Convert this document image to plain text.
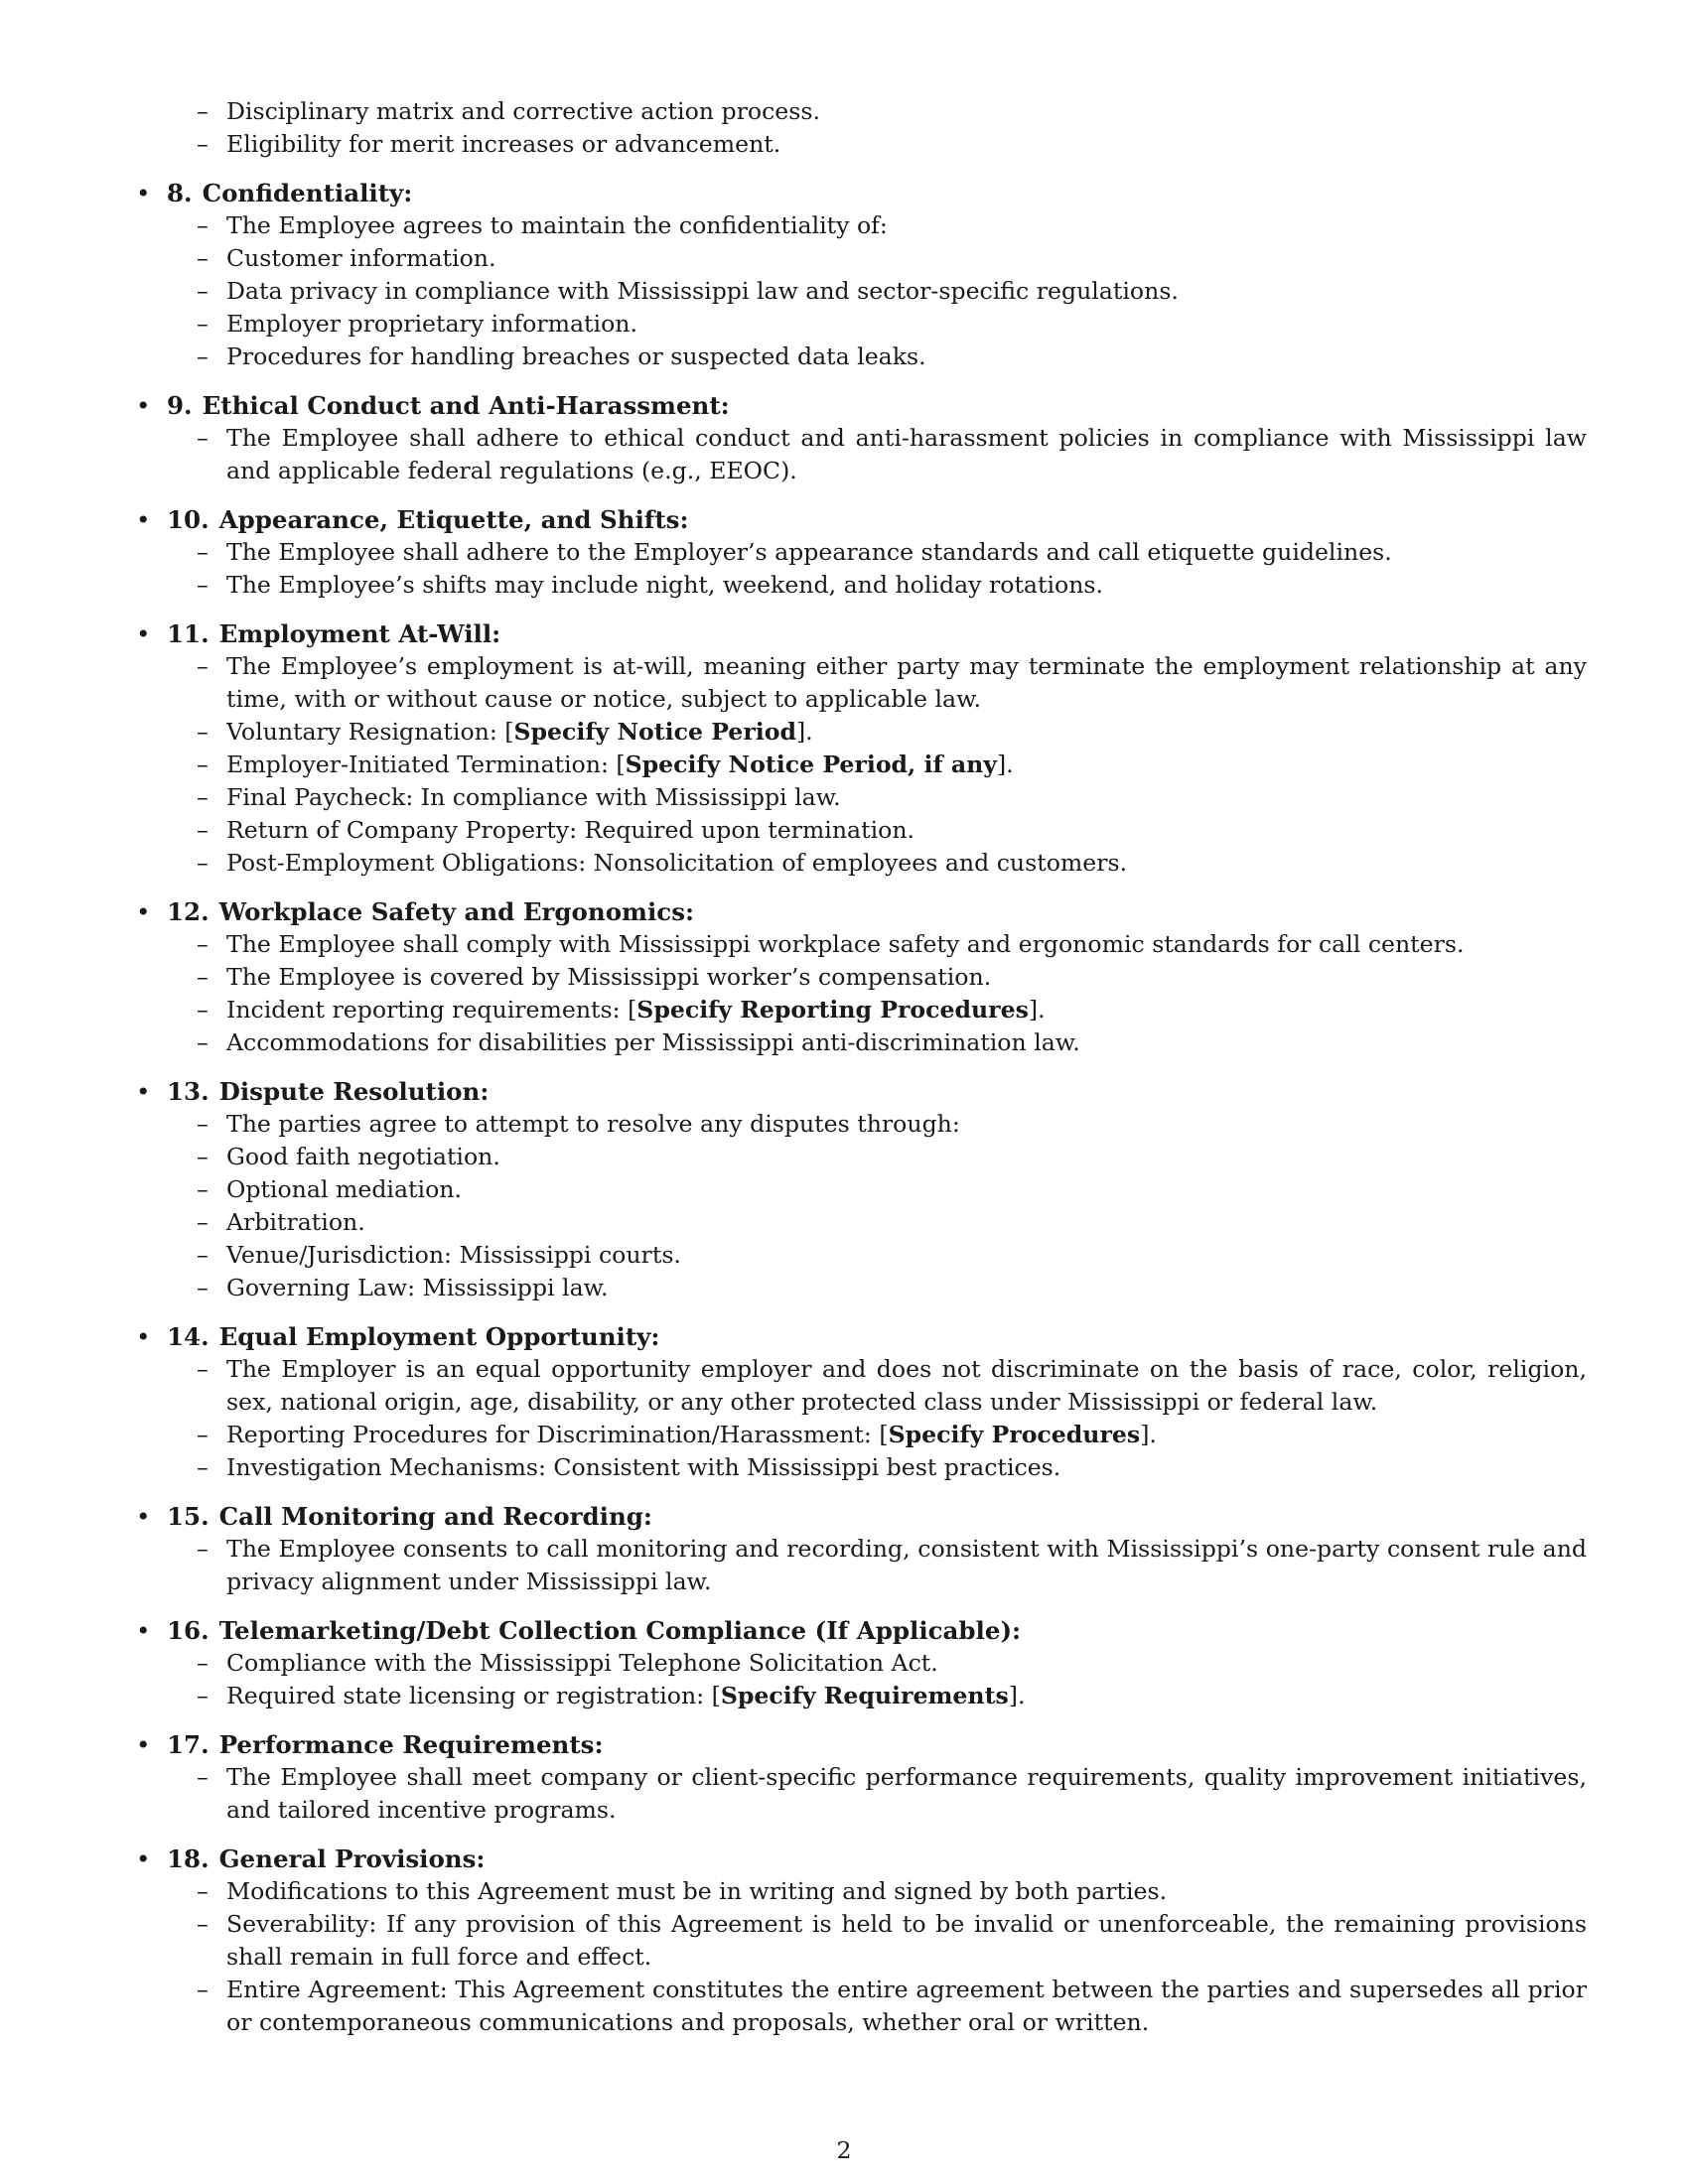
– Disciplinary matrix and corrective action process.
– Eligibility for merit increases or advancement.
• 8. Confidentiality:
– The Employee agrees to maintain the confidentiality of:
– Customer information.
– Data privacy in compliance with Mississippi law and sector-specific regulations.
– Employer proprietary information.
– Procedures for handling breaches or suspected data leaks.
• 9. Ethical Conduct and Anti-Harassment:
– The Employee shall adhere to ethical conduct and anti-harassment policies in compliance with Mississippi law and applicable federal regulations (e.g., EEOC).
• 10. Appearance, Etiquette, and Shifts:
– The Employee shall adhere to the Employer’s appearance standards and call etiquette guidelines.
– The Employee’s shifts may include night, weekend, and holiday rotations.
• 11. Employment At-Will:
– The Employee’s employment is at-will, meaning either party may terminate the employment relationship at any time, with or without cause or notice, subject to applicable law.
– Voluntary Resignation: [Specify Notice Period].
– Employer-Initiated Termination: [Specify Notice Period, if any].
– Final Paycheck: In compliance with Mississippi law.
– Return of Company Property: Required upon termination.
– Post-Employment Obligations: Nonsolicitation of employees and customers.
• 12. Workplace Safety and Ergonomics:
– The Employee shall comply with Mississippi workplace safety and ergonomic standards for call centers.
– The Employee is covered by Mississippi worker’s compensation.
– Incident reporting requirements: [Specify Reporting Procedures].
– Accommodations for disabilities per Mississippi anti-discrimination law.
• 13. Dispute Resolution:
– The parties agree to attempt to resolve any disputes through:
– Good faith negotiation.
– Optional mediation.
– Arbitration.
– Venue/Jurisdiction: Mississippi courts.
– Governing Law: Mississippi law.
• 14. Equal Employment Opportunity:
– The Employer is an equal opportunity employer and does not discriminate on the basis of race, color, religion, sex, national origin, age, disability, or any other protected class under Mississippi or federal law.
– Reporting Procedures for Discrimination/Harassment: [Specify Procedures].
– Investigation Mechanisms: Consistent with Mississippi best practices.
• 15. Call Monitoring and Recording:
– The Employee consents to call monitoring and recording, consistent with Mississippi’s one-party consent rule and privacy alignment under Mississippi law.
• 16. Telemarketing/Debt Collection Compliance (If Applicable):
– Compliance with the Mississippi Telephone Solicitation Act.
– Required state licensing or registration: [Specify Requirements].
• 17. Performance Requirements:
– The Employee shall meet company or client-specific performance requirements, quality improvement initiatives, and tailored incentive programs.
• 18. General Provisions:
– Modifications to this Agreement must be in writing and signed by both parties.
– Severability: If any provision of this Agreement is held to be invalid or unenforceable, the remaining provisions shall remain in full force and effect.
– Entire Agreement: This Agreement constitutes the entire agreement between the parties and supersedes all prior or contemporaneous communications and proposals, whether oral or written.
2
